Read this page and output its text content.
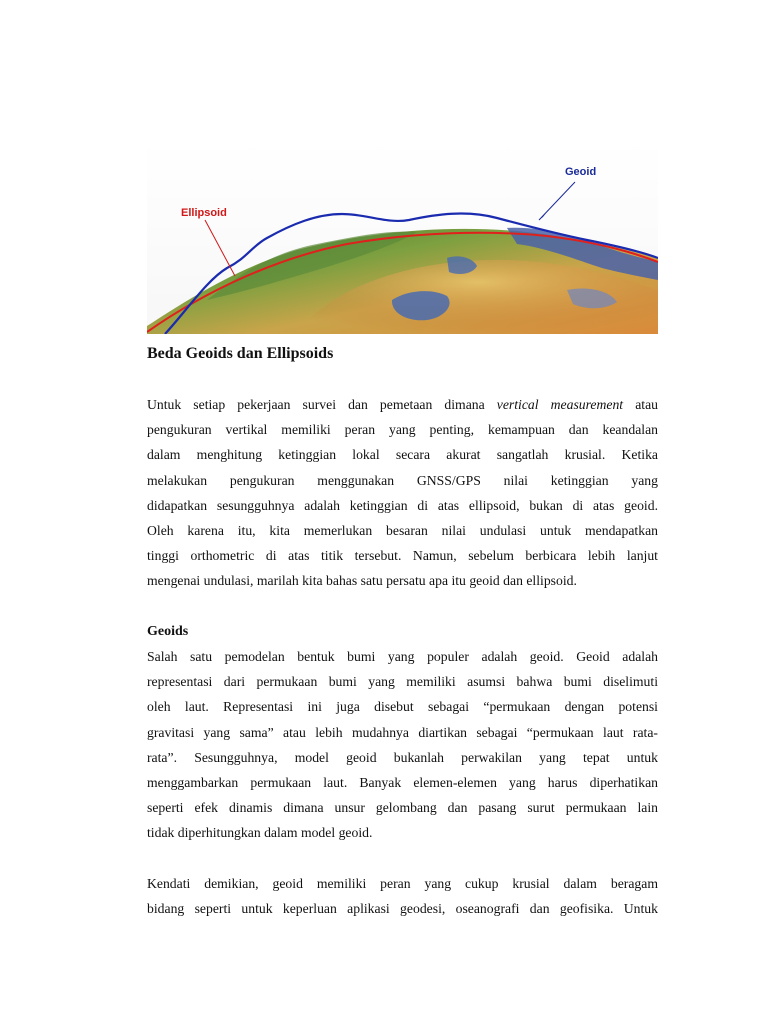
Ellipsoid
Geoid
Beda Geoids dan Ellipsoids

Untuk setiap pekerjaan survei dan pemetaan dimana vertical measurement atau
pengukuran vertikal memiliki peran yang penting, kemampuan dan keandalan
dalam menghitung ketinggian lokal secara akurat sangatlah krusial. Ketika
melakukan pengukuran menggunakan GNSS/GPS nilai ketinggian yang
didapatkan sesungguhnya adalah ketinggian di atas ellipsoid, bukan di atas geoid.
Oleh karena itu, kita memerlukan besaran nilai undulasi untuk mendapatkan
tinggi orthometric di atas titik tersebut. Namun, sebelum berbicara lebih lanjut
mengenai undulasi, marilah kita bahas satu persatu apa itu geoid dan ellipsoid.

Geoids

Salah satu pemodelan bentuk bumi yang populer adalah geoid. Geoid adalah
representasi dari permukaan bumi yang memiliki asumsi bahwa bumi diselimuti
oleh laut. Representasi ini juga disebut sebagai “permukaan dengan potensi
gravitasi yang sama” atau lebih mudahnya diartikan sebagai “permukaan laut rata-
rata”. Sesungguhnya, model geoid bukanlah perwakilan yang tepat untuk
menggambarkan permukaan laut. Banyak elemen-elemen yang harus diperhatikan
seperti efek dinamis dimana unsur gelombang dan pasang surut permukaan lain
tidak diperhitungkan dalam model geoid.

Kendati demikian, geoid memiliki peran yang cukup krusial dalam beragam
bidang seperti untuk keperluan aplikasi geodesi, oseanografi dan geofisika. Untuk
